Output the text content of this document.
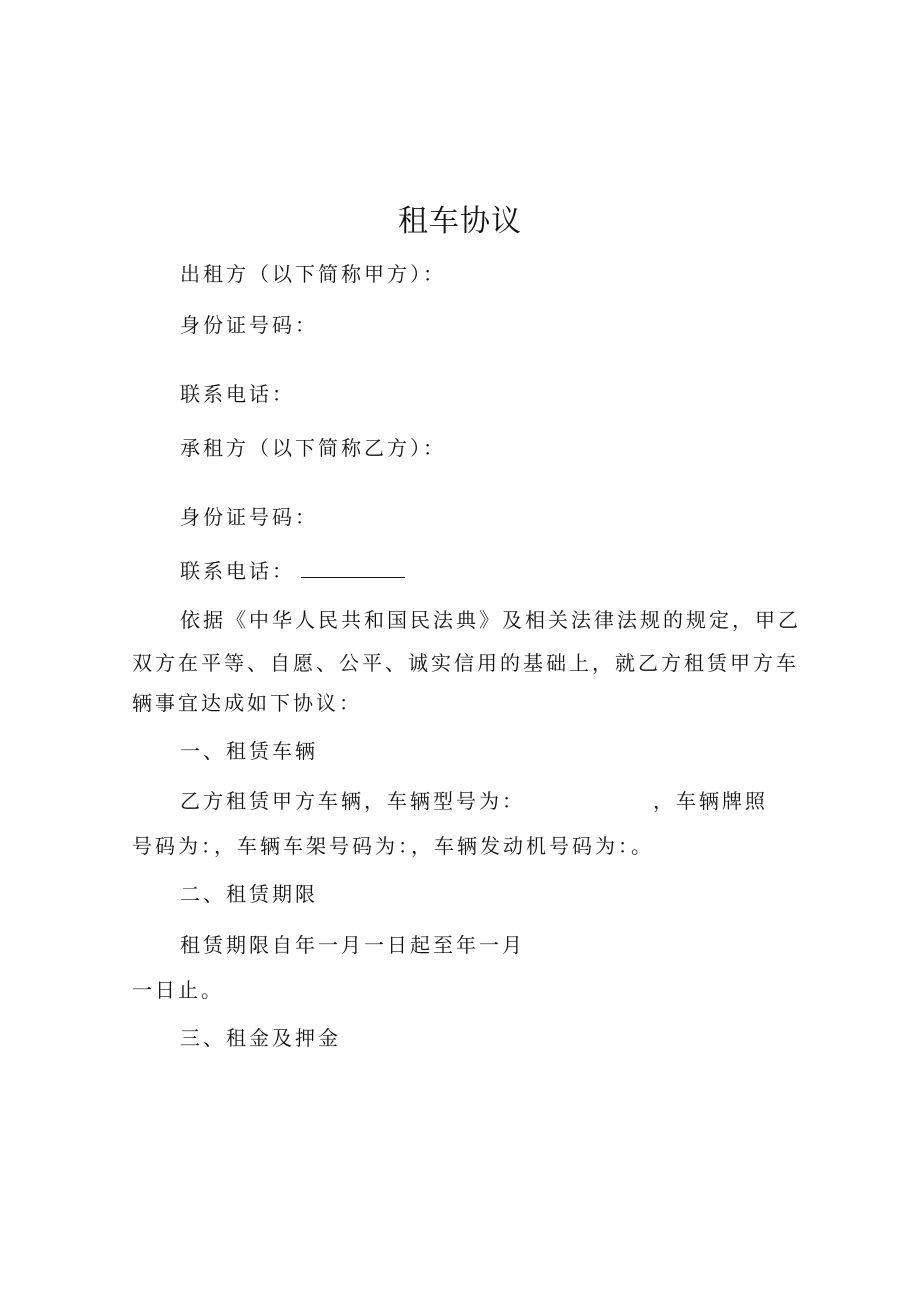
租车协议
出租方（以下简称甲方）：
身份证号码：
联系电话：
承租方（以下简称乙方）：
身份证号码：
联系电话：
依据《中华人民共和国民法典》及相关法律法规的规定，甲乙
双方在平等、自愿、公平、诚实信用的基础上，就乙方租赁甲方车
辆事宜达成如下协议：
一、租赁车辆
乙方租赁甲方车辆，车辆型号为：	，车辆牌照
号码为：，车辆车架号码为：，车辆发动机号码为：。
二、租赁期限
租赁期限自年一月一日起至年一月
一日止。
三、租金及押金
